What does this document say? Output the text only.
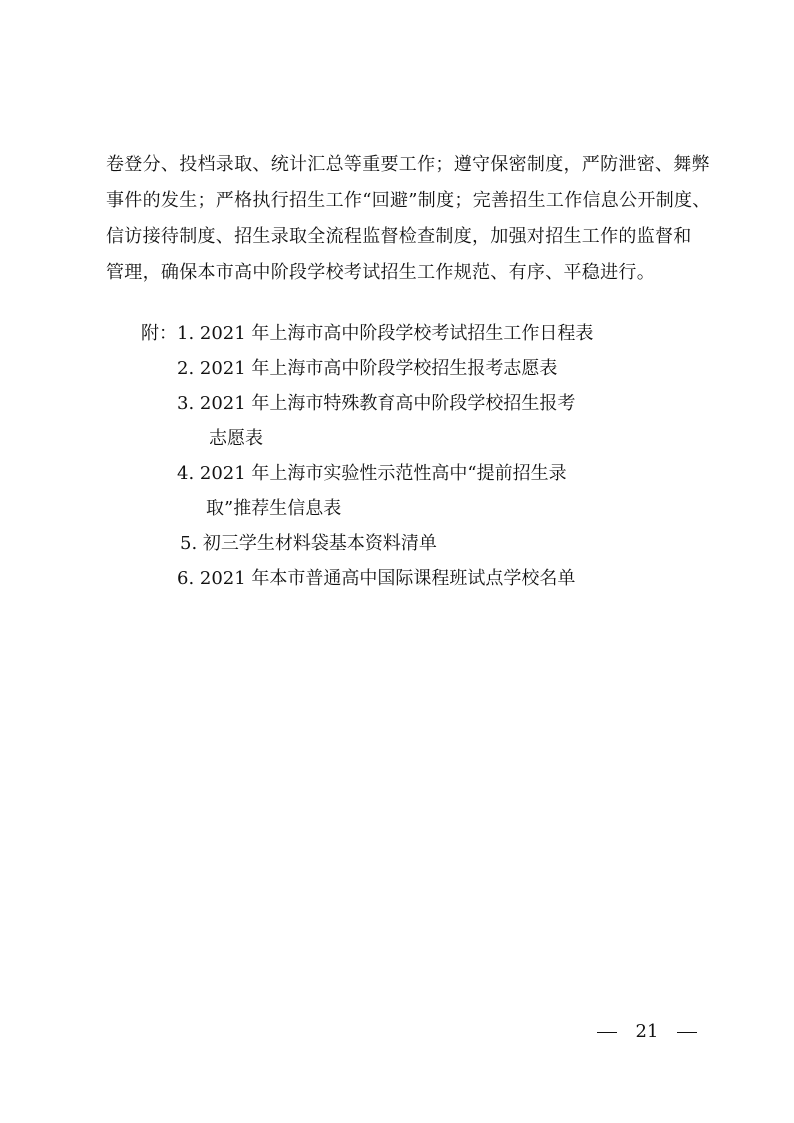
卷登分、投档录取、统计汇总等重要工作；遵守保密制度，严防泄密、舞弊

事件的发生；严格执行招生工作“回避”制度；完善招生工作信息公开制度、

信访接待制度、招生录取全流程监督检查制度，加强对招生工作的监督和

管理，确保本市高中阶段学校考试招生工作规范、有序、平稳进行。

附： 1. 2021 年上海市高中阶段学校考试招生工作日程表
2. 2021 年上海市高中阶段学校招生报考志愿表
3. 2021 年上海市特殊教育高中阶段学校招生报考
志愿表
4. 2021 年上海市实验性示范性高中“提前招生录
取”推荐生信息表
5. 初三学生材料袋基本资料清单
6. 2021 年本市普通高中国际课程班试点学校名单
21
